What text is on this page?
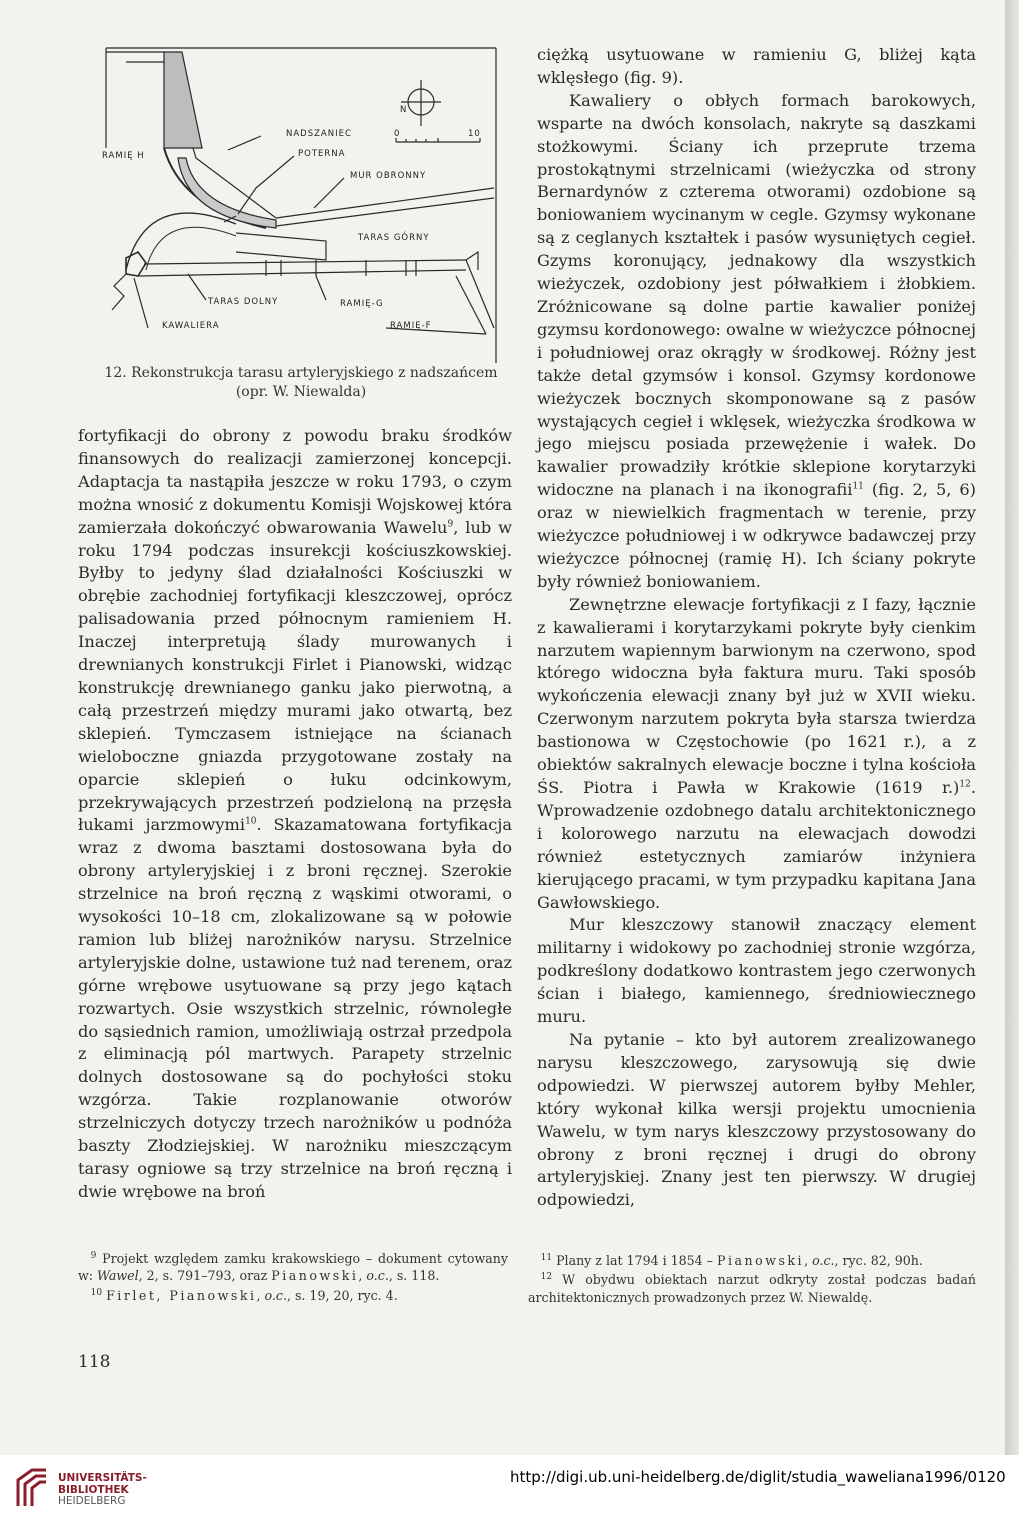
NADSZANIEC
POTERNA
MUR OBRONNY
RAMIĘ H
TARAS GÓRNY
TARAS DOLNY	RAMIĘ-G
KAWALIERA	RAMIĘ-F
N
0	10
12. Rekonstrukcja tarasu artyleryjskiego z nadszańcem
(opr. W. Niewalda)

fortyfikacji do obrony z powodu braku środków finansowych do realizacji zamierzonej koncepcji. Adaptacja ta nastąpiła jeszcze w roku 1793, o czym można wnosić z dokumentu Komisji Wojskowej która zamierzała dokończyć obwarowania Wawelu$^9$, lub w roku 1794 podczas insurekcji kościuszkowskiej. Byłby to jedyny ślad działalności Kościuszki w obrębie zachodniej fortyfikacji kleszczowej, oprócz palisadowania przed północnym ramieniem H. Inaczej interpretują ślady murowanych i drewnianych konstrukcji Firlet i Pianowski, widząc konstrukcję drewnianego ganku jako pierwotną, a całą przestrzeń między murami jako otwartą, bez sklepień. Tymczasem istniejące na ścianach wieloboczne gniazda przygotowane zostały na oparcie sklepień o łuku odcinkowym, przekrywających przestrzeń podzieloną na przęsła łukami jarzmowymi$^{10}$. Skazamatowana fortyfikacja wraz z dwoma basztami dostosowana była do obrony artyleryjskiej i z broni ręcznej. Szerokie strzelnice na broń ręczną z wąskimi otworami, o wysokości 10–18 cm, zlokalizowane są w połowie ramion lub bliżej narożników narysu. Strzelnice artyleryjskie dolne, ustawione tuż nad terenem, oraz górne wrębowe usytuowane są przy jego kątach rozwartych. Osie wszystkich strzelnic, równoległe do sąsiednich ramion, umożliwiają ostrzał przedpola z eliminacją pól martwych. Parapety strzelnic dolnych dostosowane są do pochyłości stoku wzgórza. Takie rozplanowanie otworów strzelniczych dotyczy trzech narożników u podnóża baszty Złodziejskiej. W narożniku mieszczącym tarasy ogniowe są trzy strzelnice na broń ręczną i dwie wrębowe na broń

ciężką usytuowane w ramieniu G, bliżej kąta wklęsłego (fig. 9).

Kawaliery o obłych formach barokowych, wsparte na dwóch konsolach, nakryte są daszkami stożkowymi. Ściany ich przeprute trzema prostokątnymi strzelnicami (wieżyczka od strony Bernardynów z czterema otworami) ozdobione są boniowaniem wycinanym w cegle. Gzymsy wykonane są z ceglanych kształtek i pasów wysuniętych cegieł. Gzyms koronujący, jednakowy dla wszystkich wieżyczek, ozdobiony jest półwałkiem i żłobkiem. Zróżnicowane są dolne partie kawalier poniżej gzymsu kordonowego: owalne w wieżyczce północnej i południowej oraz okrągły w środkowej. Różny jest także detal gzymsów i konsol. Gzymsy kordonowe wieżyczek bocznych skomponowane są z pasów wystających cegieł i wklęsek, wieżyczka środkowa w jego miejscu posiada przewężenie i wałek. Do kawalier prowadziły krótkie sklepione korytarzyki widoczne na planach i na ikonografii$^{11}$ (fig. 2, 5, 6) oraz w niewielkich fragmentach w terenie, przy wieżyczce południowej i w odkrywce badawczej przy wieżyczce północnej (ramię H). Ich ściany pokryte były również boniowaniem.

Zewnętrzne elewacje fortyfikacji z I fazy, łącznie z kawalierami i korytarzykami pokryte były cienkim narzutem wapiennym barwionym na czerwono, spod którego widoczna była faktura muru. Taki sposób wykończenia elewacji znany był już w XVII wieku. Czerwonym narzutem pokryta była starsza twierdza bastionowa w Częstochowie (po 1621 r.), a z obiektów sakralnych elewacje boczne i tylna kościoła ŚS. Piotra i Pawła w Krakowie (1619 r.)$^{12}$. Wprowadzenie ozdobnego datalu architektonicznego i kolorowego narzutu na elewacjach dowodzi również estetycznych zamiarów inżyniera kierującego pracami, w tym przypadku kapitana Jana Gawłowskiego.

Mur kleszczowy stanowił znaczący element militarny i widokowy po zachodniej stronie wzgórza, podkreślony dodatkowo kontrastem jego czerwonych ścian i białego, kamiennego, średniowiecznego muru.

Na pytanie – kto był autorem zrealizowanego narysu kleszczowego, zarysowują się dwie odpowiedzi. W pierwszej autorem byłby Mehler, który wykonał kilka wersji projektu umocnienia Wawelu, w tym narys kleszczowy przystosowany do obrony z broni ręcznej i drugi do obrony artyleryjskiej. Znany jest ten pierwszy. W drugiej odpowiedzi,

 $^9$ Projekt względem zamku krakowskiego – dokument cytowany w: Wawel, 2, s. 791–793, oraz Pianowski, o.c., s. 118.

 $^{10}$ Firlet, Pianowski, o.c., s. 19, 20, ryc. 4.

 $^{11}$ Plany z lat 1794 i 1854 – Pianowski, o.c., ryc. 82, 90h.

 $^{12}$ W obydwu obiektach narzut odkryty został podczas badań architektonicznych prowadzonych przez W. Niewaldę.

118
UNIVERSITÄTS-
BIBLIOTHEK
HEIDELBERG
http://digi.ub.uni-heidelberg.de/diglit/studia_waweliana1996/0120
